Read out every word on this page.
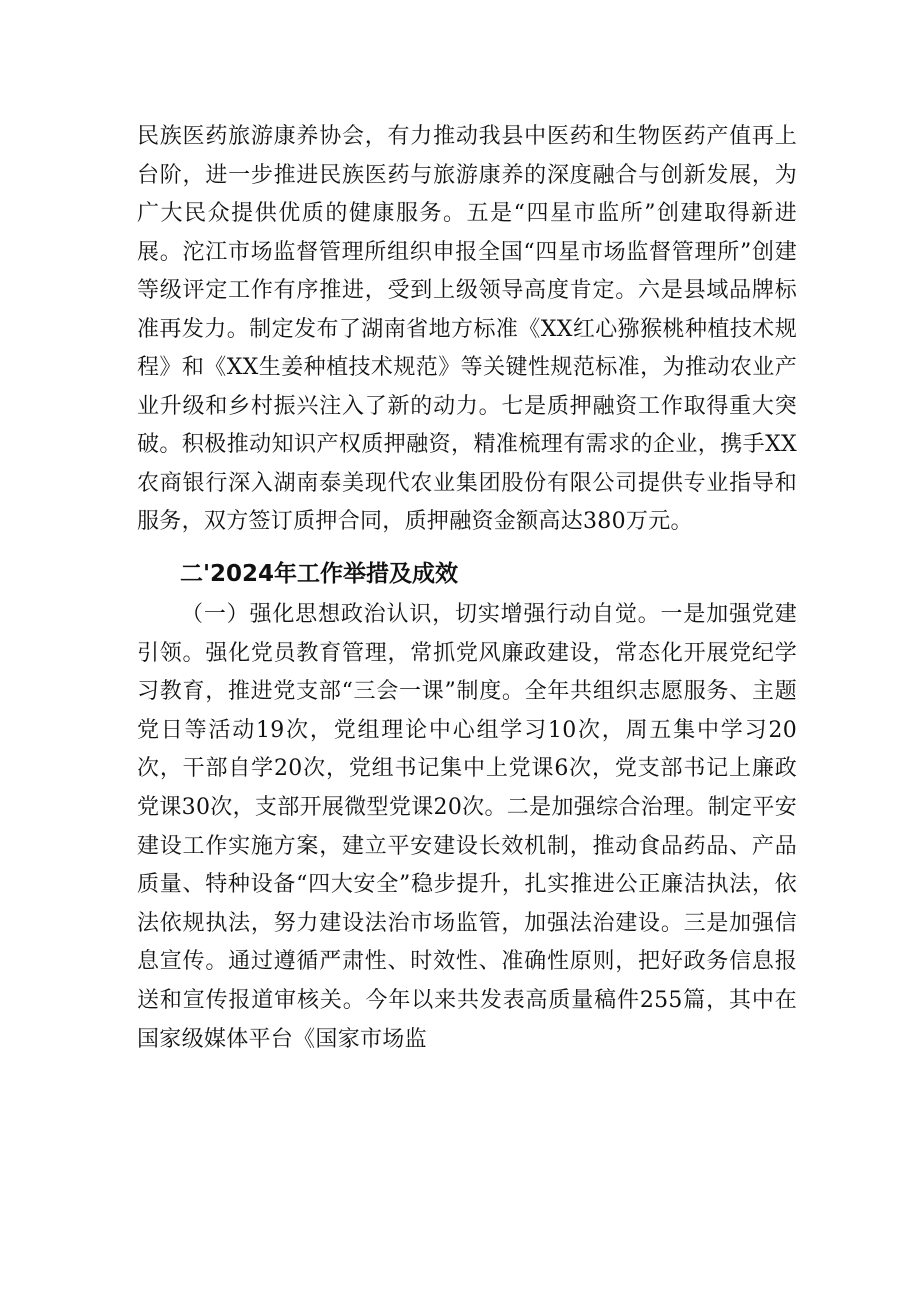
民族医药旅游康养协会，有力推动我县中医药和生物医药产值再上台阶，进一步推进民族医药与旅游康养的深度融合与创新发展，为广大民众提供优质的健康服务。五是“四星市监所”创建取得新进展。沱江市场监督管理所组织申报全国“四星市场监督管理所”创建等级评定工作有序推进，受到上级领导高度肯定。六是县域品牌标准再发力。制定发布了湖南省地方标准《XX红心猕猴桃种植技术规程》和《XX生姜种植技术规范》等关键性规范标准，为推动农业产业升级和乡村振兴注入了新的动力。七是质押融资工作取得重大突破。积极推动知识产权质押融资，精准梳理有需求的企业，携手XX农商银行深入湖南泰美现代农业集团股份有限公司提供专业指导和服务，双方签订质押合同，质押融资金额高达380万元。
二'2024年工作举措及成效
（一）强化思想政治认识，切实增强行动自觉。一是加强党建引领。强化党员教育管理，常抓党风廉政建设，常态化开展党纪学习教育，推进党支部“三会一课”制度。全年共组织志愿服务、主题党日等活动19次，党组理论中心组学习10次，周五集中学习20次，干部自学20次，党组书记集中上党课6次，党支部书记上廉政党课30次，支部开展微型党课20次。二是加强综合治理。制定平安建设工作实施方案，建立平安建设长效机制，推动食品药品、产品质量、特种设备“四大安全”稳步提升，扎实推进公正廉洁执法，依法依规执法，努力建设法治市场监管，加强法治建设。三是加强信息宣传。通过遵循严肃性、时效性、准确性原则，把好政务信息报送和宣传报道审核关。今年以来共发表高质量稿件255篇，其中在国家级媒体平台《国家市场监
